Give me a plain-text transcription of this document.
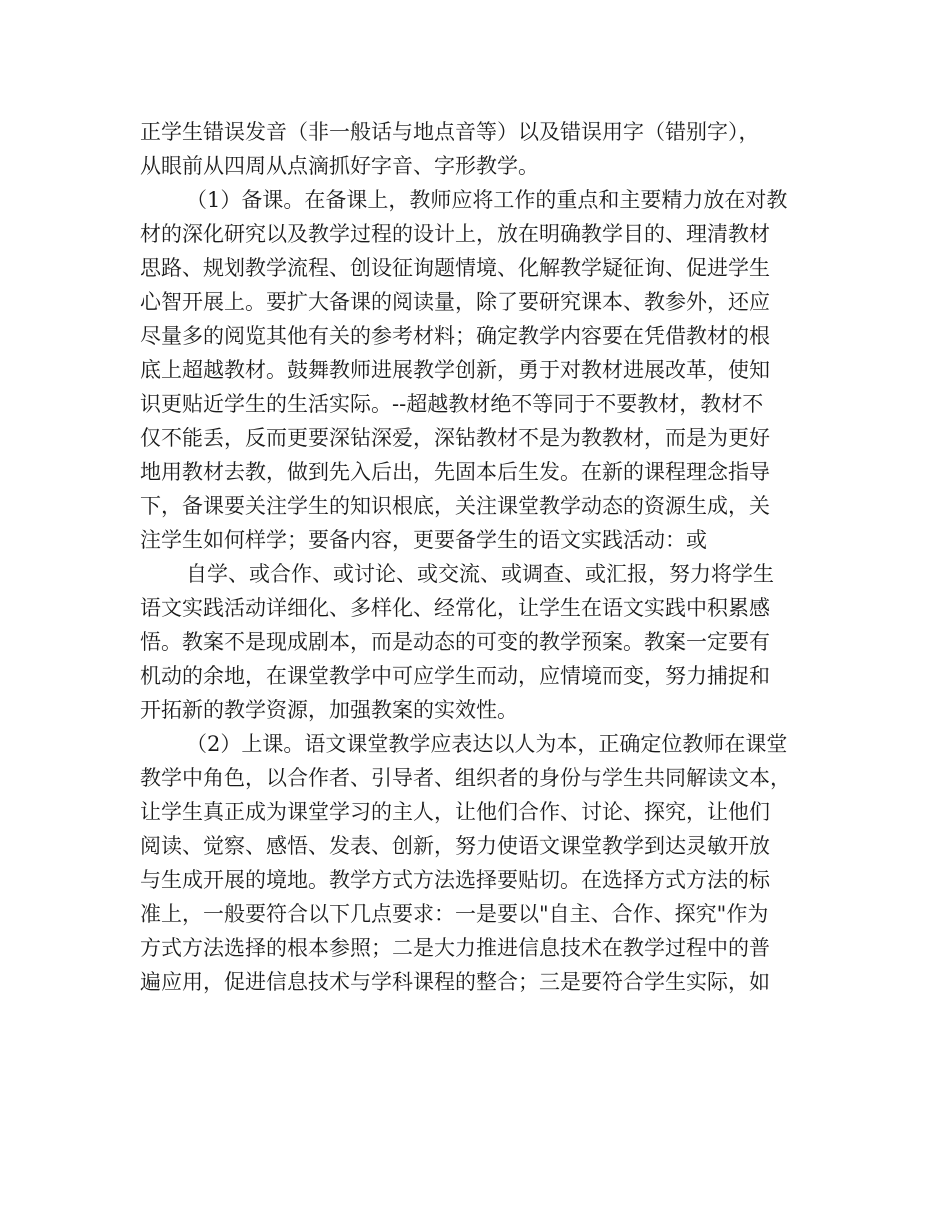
正学生错误发音（非一般话与地点音等）以及错误用字（错别字），

从眼前从四周从点滴抓好字音、字形教学。

（1）备课。在备课上，教师应将工作的重点和主要精力放在对教

材的深化研究以及教学过程的设计上，放在明确教学目的、理清教材

思路、规划教学流程、创设征询题情境、化解教学疑征询、促进学生

心智开展上。要扩大备课的阅读量，除了要研究课本、教参外，还应

尽量多的阅览其他有关的参考材料；确定教学内容要在凭借教材的根

底上超越教材。鼓舞教师进展教学创新，勇于对教材进展改革，使知

识更贴近学生的生活实际。--超越教材绝不等同于不要教材，教材不

仅不能丢，反而更要深钻深爱，深钻教材不是为教教材，而是为更好

地用教材去教，做到先入后出，先固本后生发。在新的课程理念指导

下，备课要关注学生的知识根底，关注课堂教学动态的资源生成，关

注学生如何样学；要备内容，更要备学生的语文实践活动：或

自学、或合作、或讨论、或交流、或调查、或汇报，努力将学生

语文实践活动详细化、多样化、经常化，让学生在语文实践中积累感

悟。教案不是现成剧本，而是动态的可变的教学预案。教案一定要有

机动的余地，在课堂教学中可应学生而动，应情境而变，努力捕捉和

开拓新的教学资源，加强教案的实效性。

（2）上课。语文课堂教学应表达以人为本，正确定位教师在课堂

教学中角色，以合作者、引导者、组织者的身份与学生共同解读文本，

让学生真正成为课堂学习的主人，让他们合作、讨论、探究，让他们

阅读、觉察、感悟、发表、创新，努力使语文课堂教学到达灵敏开放

与生成开展的境地。教学方式方法选择要贴切。在选择方式方法的标

准上，一般要符合以下几点要求：一是要以"自主、合作、探究"作为

方式方法选择的根本参照；二是大力推进信息技术在教学过程中的普

遍应用，促进信息技术与学科课程的整合；三是要符合学生实际，如
